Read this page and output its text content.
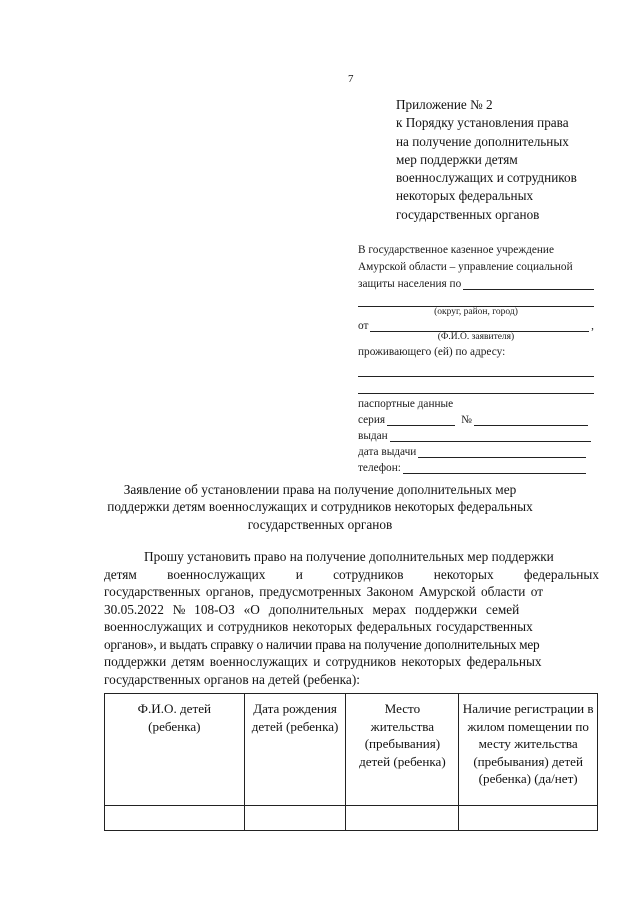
7
Приложение № 2
к Порядку установления права
на получение дополнительных
мер поддержки детям
военнослужащих и сотрудников
некоторых федеральных
государственных органов
В государственное казенное учреждение
Амурской области – управление социальной
защиты населения по
(округ, район, город)
от	,
(Ф.И.О. заявителя)
проживающего (ей) по адресу:
паспортные данные
серия	№
выдан
дата выдачи
телефон:
Заявление об установлении права на получение дополнительных мер
поддержки детям военнослужащих и сотрудников некоторых федеральных
государственных органов
Прошу установить право на получение дополнительных мер поддержки
детям военнослужащих и сотрудников некоторых федеральных
государственных органов, предусмотренных Законом Амурской области от
30.05.2022 № 108-ОЗ «О дополнительных мерах поддержки семей
военнослужащих и сотрудников некоторых федеральных государственных
органов», и выдать справку о наличии права на получение дополнительных мер
поддержки детям военнослужащих и сотрудников некоторых федеральных
государственных органов на детей (ребенка):
Ф.И.О. детей (ребенка)	Дата рождения детей (ребенка)	Место жительства (пребывания) детей (ребенка)	Наличие регистрации в жилом помещении по месту жительства (пребывания) детей (ребенка) (да/нет)
